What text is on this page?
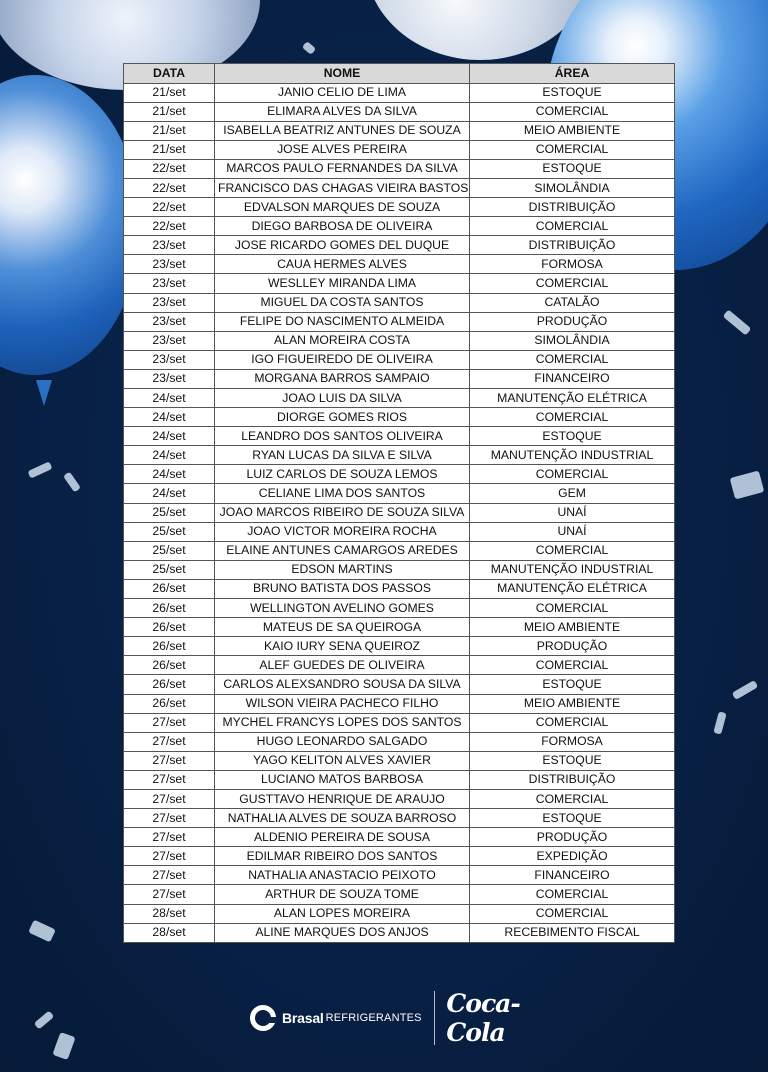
DATA	NOME	ÁREA
21/set	JANIO CELIO DE LIMA	ESTOQUE
21/set	ELIMARA ALVES DA SILVA	COMERCIAL
21/set	ISABELLA BEATRIZ ANTUNES DE SOUZA	MEIO AMBIENTE
21/set	JOSE ALVES PEREIRA	COMERCIAL
22/set	MARCOS PAULO FERNANDES DA SILVA	ESTOQUE
22/set	FRANCISCO DAS CHAGAS VIEIRA BASTOS	SIMOLÂNDIA
22/set	EDVALSON MARQUES DE SOUZA	DISTRIBUIÇÃO
22/set	DIEGO BARBOSA DE OLIVEIRA	COMERCIAL
23/set	JOSE RICARDO GOMES DEL DUQUE	DISTRIBUIÇÃO
23/set	CAUA HERMES ALVES	FORMOSA
23/set	WESLLEY MIRANDA LIMA	COMERCIAL
23/set	MIGUEL DA COSTA SANTOS	CATALÃO
23/set	FELIPE DO NASCIMENTO ALMEIDA	PRODUÇÃO
23/set	ALAN MOREIRA COSTA	SIMOLÂNDIA
23/set	IGO FIGUEIREDO DE OLIVEIRA	COMERCIAL
23/set	MORGANA BARROS SAMPAIO	FINANCEIRO
24/set	JOAO LUIS DA SILVA	MANUTENÇÃO ELÉTRICA
24/set	DIORGE GOMES RIOS	COMERCIAL
24/set	LEANDRO DOS SANTOS OLIVEIRA	ESTOQUE
24/set	RYAN LUCAS DA SILVA E SILVA	MANUTENÇÃO INDUSTRIAL
24/set	LUIZ CARLOS DE SOUZA LEMOS	COMERCIAL
24/set	CELIANE LIMA DOS SANTOS	GEM
25/set	JOAO MARCOS RIBEIRO DE SOUZA SILVA	UNAÍ
25/set	JOAO VICTOR MOREIRA ROCHA	UNAÍ
25/set	ELAINE ANTUNES CAMARGOS AREDES	COMERCIAL
25/set	EDSON MARTINS	MANUTENÇÃO INDUSTRIAL
26/set	BRUNO BATISTA DOS PASSOS	MANUTENÇÃO ELÉTRICA
26/set	WELLINGTON AVELINO GOMES	COMERCIAL
26/set	MATEUS DE SA QUEIROGA	MEIO AMBIENTE
26/set	KAIO IURY SENA QUEIROZ	PRODUÇÃO
26/set	ALEF GUEDES DE OLIVEIRA	COMERCIAL
26/set	CARLOS ALEXSANDRO SOUSA DA SILVA	ESTOQUE
26/set	WILSON VIEIRA PACHECO FILHO	MEIO AMBIENTE
27/set	MYCHEL FRANCYS LOPES DOS SANTOS	COMERCIAL
27/set	HUGO LEONARDO SALGADO	FORMOSA
27/set	YAGO KELITON ALVES XAVIER	ESTOQUE
27/set	LUCIANO MATOS BARBOSA	DISTRIBUIÇÃO
27/set	GUSTTAVO HENRIQUE DE ARAUJO	COMERCIAL
27/set	NATHALIA ALVES DE SOUZA BARROSO	ESTOQUE
27/set	ALDENIO PEREIRA DE SOUSA	PRODUÇÃO
27/set	EDILMAR RIBEIRO DOS SANTOS	EXPEDIÇÃO
27/set	NATHALIA ANASTACIO PEIXOTO	FINANCEIRO
27/set	ARTHUR DE SOUZA TOME	COMERCIAL
28/set	ALAN LOPES MOREIRA	COMERCIAL
28/set	ALINE MARQUES DOS ANJOS	RECEBIMENTO FISCAL
Brasal REFRIGERANTES Coca-Cola
